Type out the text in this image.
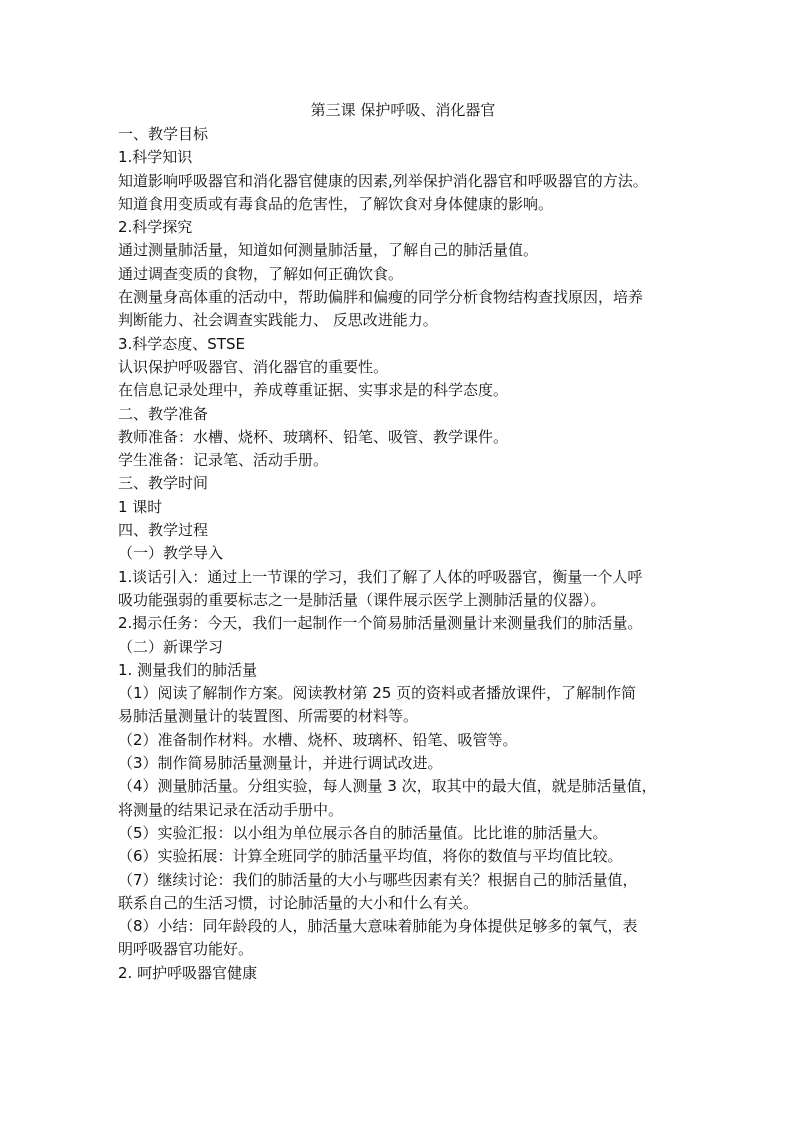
第三课 保护呼吸、消化器官
一、教学目标
1.科学知识
知道影响呼吸器官和消化器官健康的因素,列举保护消化器官和呼吸器官的方法。
知道食用变质或有毒食品的危害性，了解饮食对身体健康的影响。
2.科学探究
通过测量肺活量，知道如何测量肺活量，了解自己的肺活量值。
通过调查变质的食物，了解如何正确饮食。
在测量身高体重的活动中，帮助偏胖和偏瘦的同学分析食物结构查找原因，培养
判断能力、社会调查实践能力、 反思改进能力。
3.科学态度、STSE
认识保护呼吸器官、消化器官的重要性。
在信息记录处理中，养成尊重证据、实事求是的科学态度。
二、教学准备
教师准备：水槽、烧杯、玻璃杯、铅笔、吸管、教学课件。
学生准备：记录笔、活动手册。
三、教学时间
1 课时
四、教学过程
（一）教学导入
1.谈话引入：通过上一节课的学习，我们了解了人体的呼吸器官，衡量一个人呼
吸功能强弱的重要标志之一是肺活量（课件展示医学上测肺活量的仪器）。
2.揭示任务：今天，我们一起制作一个简易肺活量测量计来测量我们的肺活量。
（二）新课学习
1. 测量我们的肺活量
（1）阅读了解制作方案。阅读教材第 25 页的资料或者播放课件，了解制作简
易肺活量测量计的装置图、所需要的材料等。
（2）准备制作材料。水槽、烧杯、玻璃杯、铅笔、吸管等。
（3）制作简易肺活量测量计，并进行调试改进。
（4）测量肺活量。分组实验，每人测量 3 次，取其中的最大值，就是肺活量值，
将测量的结果记录在活动手册中。
（5）实验汇报：以小组为单位展示各自的肺活量值。比比谁的肺活量大。
（6）实验拓展：计算全班同学的肺活量平均值，将你的数值与平均值比较。
（7）继续讨论：我们的肺活量的大小与哪些因素有关？根据自己的肺活量值，
联系自己的生活习惯，讨论肺活量的大小和什么有关。
（8）小结：同年龄段的人，肺活量大意味着肺能为身体提供足够多的氧气，表
明呼吸器官功能好。
2. 呵护呼吸器官健康
